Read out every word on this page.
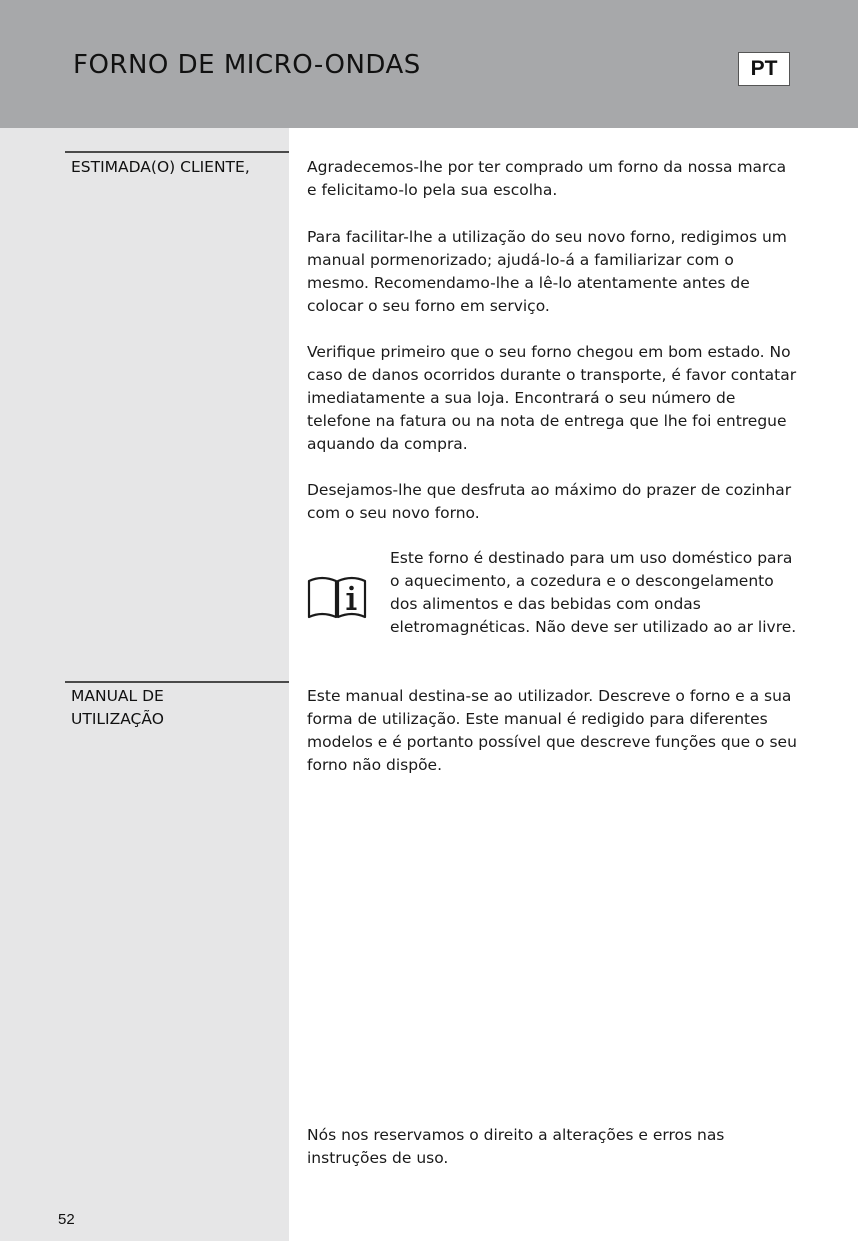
FORNO DE MICRO-ONDAS	PT
ESTIMADA(O) CLIENTE,	Agradecemos-lhe por ter comprado um forno da nossa marca e felicitamo-lo pela sua escolha.

Para facilitar-lhe a utilização do seu novo forno, redigimos um manual pormenorizado; ajudá-lo-á a familiarizar com o mesmo. Recomendamo-lhe a lê-lo atentamente antes de colocar o seu forno em serviço.

Verifique primeiro que o seu forno chegou em bom estado. No caso de danos ocorridos durante o transporte, é favor contatar imediatamente a sua loja. Encontrará o seu número de telefone na fatura ou na nota de entrega que lhe foi entregue aquando da compra.

Desejamos-lhe que desfruta ao máximo do prazer de cozinhar com o seu novo forno.

Este forno é destinado para um uso doméstico para o aquecimento, a cozedura e o descongelamento dos alimentos e das bebidas com ondas eletromagnéticas. Não deve ser utilizado ao ar livre.

MANUAL DE
UTILIZAÇÃO

Este manual destina-se ao utilizador. Descreve o forno e a sua forma de utilização. Este manual é redigido para diferentes modelos e é portanto possível que descreve funções que o seu forno não dispõe.

Nós nos reservamos o direito a alterações e erros nas instruções de uso.

52
